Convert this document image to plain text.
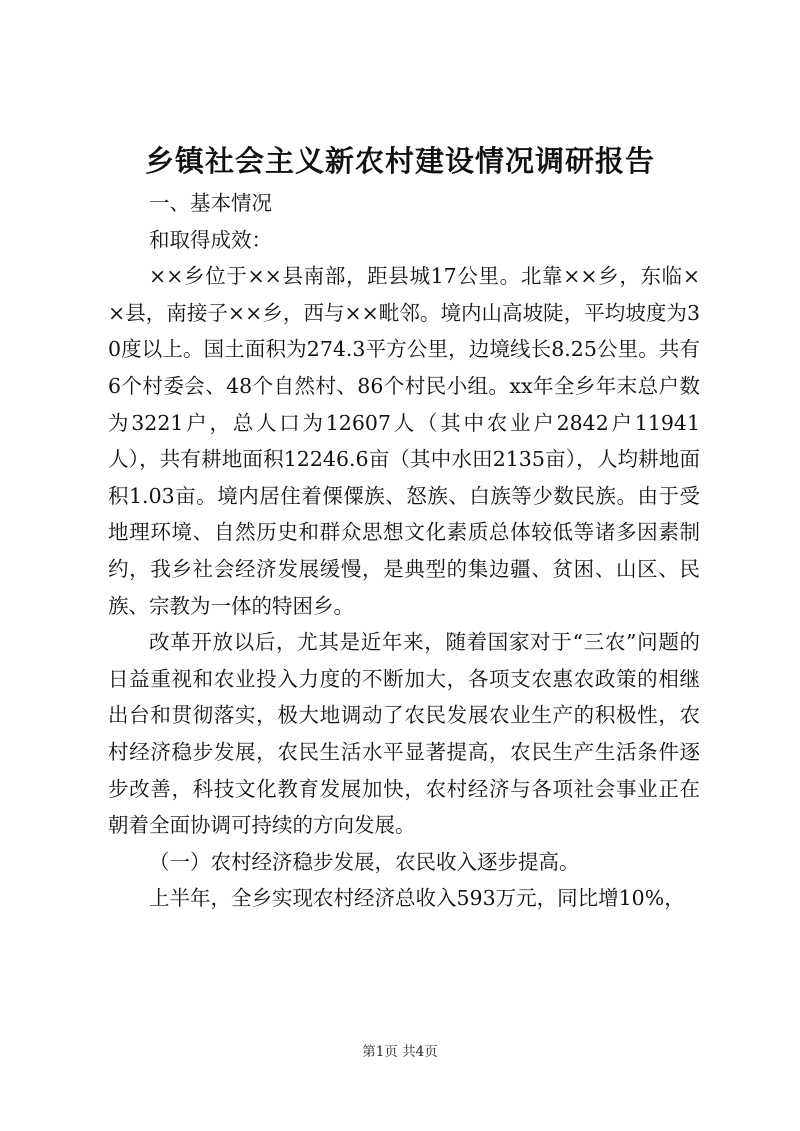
乡镇社会主义新农村建设情况调研报告

一、基本情况

和取得成效：

××乡位于××县南部，距县城17公里。北靠××乡，东临××县，南接子××乡，西与××毗邻。境内山高坡陡，平均坡度为30度以上。国土面积为274.3平方公里，边境线长8.25公里。共有6个村委会、48个自然村、86个村民小组。xx年全乡年末总户数为3221户，总人口为12607人（其中农业户2842户11941人），共有耕地面积12246.6亩（其中水田2135亩），人均耕地面积1.03亩。境内居住着傈僳族、怒族、白族等少数民族。由于受地理环境、自然历史和群众思想文化素质总体较低等诸多因素制约，我乡社会经济发展缓慢，是典型的集边疆、贫困、山区、民族、宗教为一体的特困乡。

改革开放以后，尤其是近年来，随着国家对于“三农”问题的日益重视和农业投入力度的不断加大，各项支农惠农政策的相继出台和贯彻落实，极大地调动了农民发展农业生产的积极性，农村经济稳步发展，农民生活水平显著提高，农民生产生活条件逐步改善，科技文化教育发展加快，农村经济与各项社会事业正在朝着全面协调可持续的方向发展。

（一）农村经济稳步发展，农民收入逐步提高。

上半年，全乡实现农村经济总收入593万元，同比增10%，

第1页 共4页
